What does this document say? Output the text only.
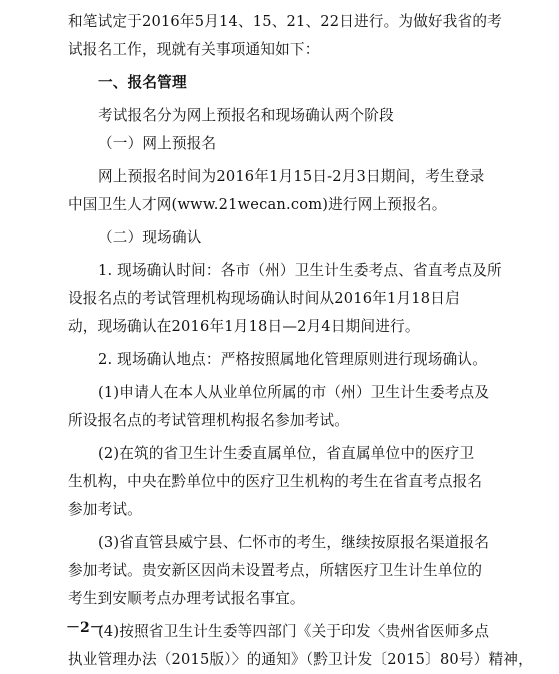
和笔试定于2016年5月14、15、21、22日进行。为做好我省的考
试报名工作，现就有关事项通知如下：
一、报名管理
考试报名分为网上预报名和现场确认两个阶段
（一）网上预报名
网上预报名时间为2016年1月15日-2月3日期间，考生登录
中国卫生人才网(www.21wecan.com)进行网上预报名。
（二）现场确认
1. 现场确认时间：各市（州）卫生计生委考点、省直考点及所
设报名点的考试管理机构现场确认时间从2016年1月18日启
动，现场确认在2016年1月18日—2月4日期间进行。
2. 现场确认地点：严格按照属地化管理原则进行现场确认。
(1)申请人在本人从业单位所属的市（州）卫生计生委考点及
所设报名点的考试管理机构报名参加考试。
(2)在筑的省卫生计生委直属单位，省直属单位中的医疗卫
生机构，中央在黔单位中的医疗卫生机构的考生在省直考点报名
参加考试。
(3)省直管县威宁县、仁怀市的考生，继续按原报名渠道报名
参加考试。贵安新区因尚未设置考点，所辖医疗卫生计生单位的
考生到安顺考点办理考试报名事宜。
(4)按照省卫生计生委等四部门《关于印发〈贵州省医师多点
执业管理办法（2015版）〉的通知》（黔卫计发〔2015〕80号）精神，
－2－
